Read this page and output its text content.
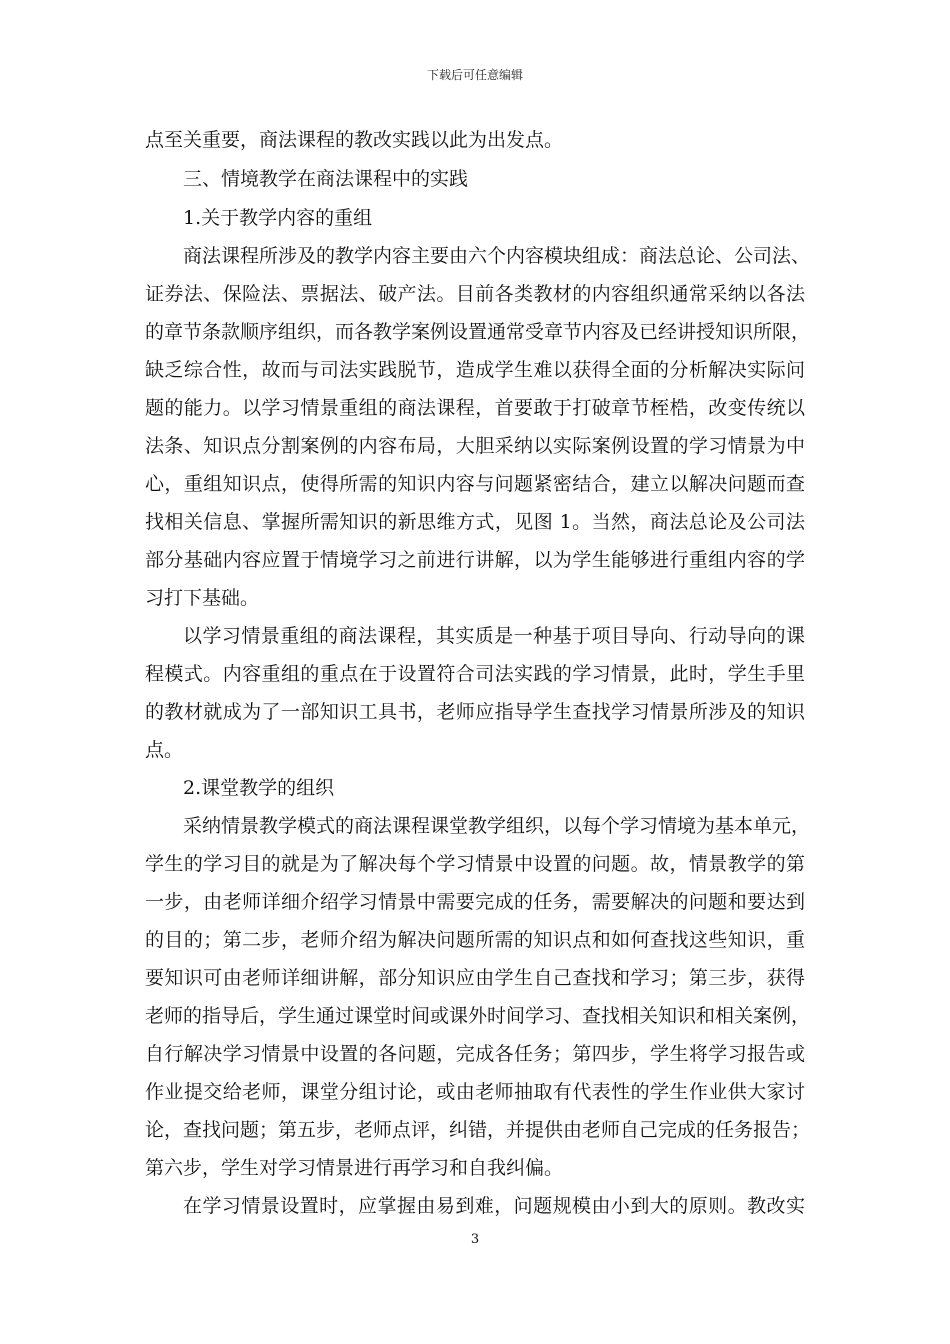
下载后可任意编辑
点至关重要，商法课程的教改实践以此为出发点。
三、情境教学在商法课程中的实践
1.关于教学内容的重组
商法课程所涉及的教学内容主要由六个内容模块组成：商法总论、公司法、
证券法、保险法、票据法、破产法。目前各类教材的内容组织通常采纳以各法
的章节条款顺序组织，而各教学案例设置通常受章节内容及已经讲授知识所限，
缺乏综合性，故而与司法实践脱节，造成学生难以获得全面的分析解决实际问
题的能力。以学习情景重组的商法课程，首要敢于打破章节桎梏，改变传统以
法条、知识点分割案例的内容布局，大胆采纳以实际案例设置的学习情景为中
心，重组知识点，使得所需的知识内容与问题紧密结合，建立以解决问题而查
找相关信息、掌握所需知识的新思维方式，见图 1。当然，商法总论及公司法
部分基础内容应置于情境学习之前进行讲解，以为学生能够进行重组内容的学
习打下基础。
以学习情景重组的商法课程，其实质是一种基于项目导向、行动导向的课
程模式。内容重组的重点在于设置符合司法实践的学习情景，此时，学生手里
的教材就成为了一部知识工具书，老师应指导学生查找学习情景所涉及的知识
点。
2.课堂教学的组织
采纳情景教学模式的商法课程课堂教学组织，以每个学习情境为基本单元，
学生的学习目的就是为了解决每个学习情景中设置的问题。故，情景教学的第
一步，由老师详细介绍学习情景中需要完成的任务，需要解决的问题和要达到
的目的；第二步，老师介绍为解决问题所需的知识点和如何查找这些知识，重
要知识可由老师详细讲解，部分知识应由学生自己查找和学习；第三步，获得
老师的指导后，学生通过课堂时间或课外时间学习、查找相关知识和相关案例，
自行解决学习情景中设置的各问题，完成各任务；第四步，学生将学习报告或
作业提交给老师，课堂分组讨论，或由老师抽取有代表性的学生作业供大家讨
论，查找问题；第五步，老师点评，纠错，并提供由老师自己完成的任务报告；
第六步，学生对学习情景进行再学习和自我纠偏。
在学习情景设置时，应掌握由易到难，问题规模由小到大的原则。教改实
3
